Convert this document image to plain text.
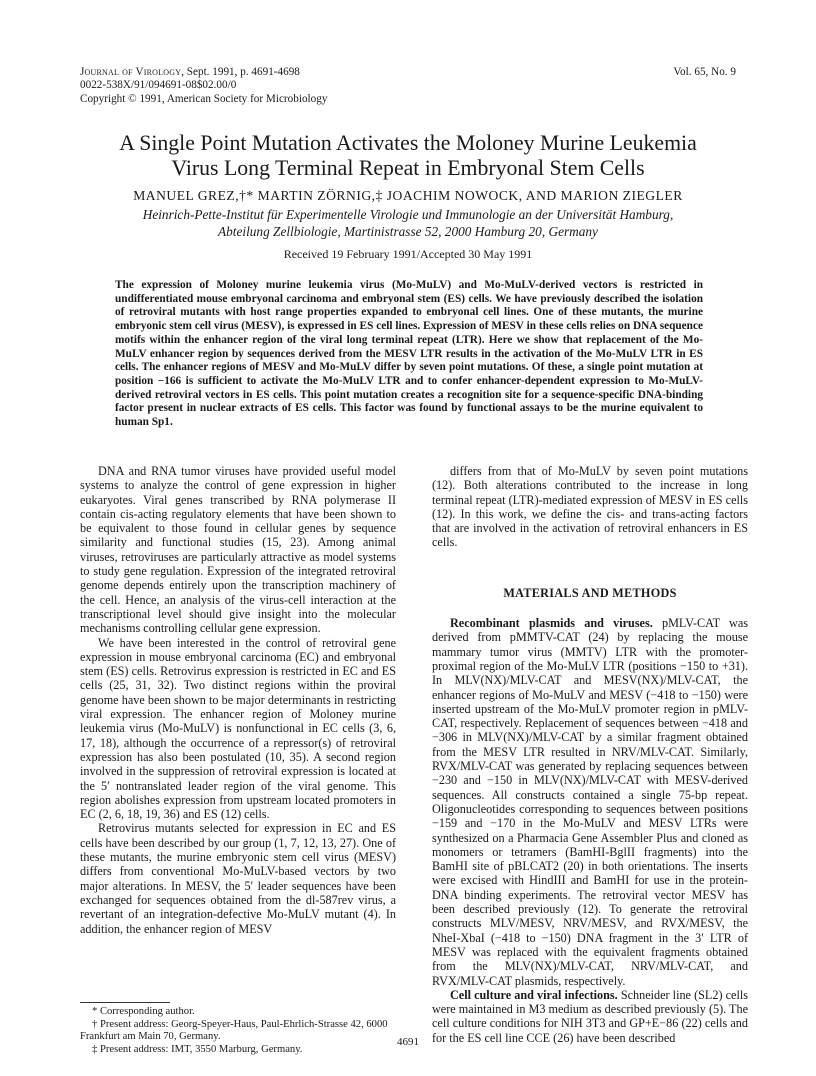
Journal of Virology, Sept. 1991, p. 4691-4698
0022-538X/91/094691-08$02.00/0
Copyright © 1991, American Society for Microbiology
Vol. 65, No. 9
A Single Point Mutation Activates the Moloney Murine Leukemia
Virus Long Terminal Repeat in Embryonal Stem Cells
MANUEL GREZ,†* MARTIN ZÖRNIG,‡ JOACHIM NOWOCK, AND MARION ZIEGLER
Heinrich-Pette-Institut für Experimentelle Virologie und Immunologie an der Universität Hamburg,
Abteilung Zellbiologie, Martinistrasse 52, 2000 Hamburg 20, Germany
Received 19 February 1991/Accepted 30 May 1991
The expression of Moloney murine leukemia virus (Mo-MuLV) and Mo-MuLV-derived vectors is restricted in undifferentiated mouse embryonal carcinoma and embryonal stem (ES) cells. We have previously described the isolation of retroviral mutants with host range properties expanded to embryonal cell lines. One of these mutants, the murine embryonic stem cell virus (MESV), is expressed in ES cell lines. Expression of MESV in these cells relies on DNA sequence motifs within the enhancer region of the viral long terminal repeat (LTR). Here we show that replacement of the Mo-MuLV enhancer region by sequences derived from the MESV LTR results in the activation of the Mo-MuLV LTR in ES cells. The enhancer regions of MESV and Mo-MuLV differ by seven point mutations. Of these, a single point mutation at position −166 is sufficient to activate the Mo-MuLV LTR and to confer enhancer-dependent expression to Mo-MuLV-derived retroviral vectors in ES cells. This point mutation creates a recognition site for a sequence-specific DNA-binding factor present in nuclear extracts of ES cells. This factor was found by functional assays to be the murine equivalent to human Sp1.

DNA and RNA tumor viruses have provided useful model systems to analyze the control of gene expression in higher eukaryotes. Viral genes transcribed by RNA polymerase II contain cis-acting regulatory elements that have been shown to be equivalent to those found in cellular genes by sequence similarity and functional studies (15, 23). Among animal viruses, retroviruses are particularly attractive as model systems to study gene regulation. Expression of the integrated retroviral genome depends entirely upon the transcription machinery of the cell. Hence, an analysis of the virus-cell interaction at the transcriptional level should give insight into the molecular mechanisms controlling cellular gene expression.

We have been interested in the control of retroviral gene expression in mouse embryonal carcinoma (EC) and embryonal stem (ES) cells. Retrovirus expression is restricted in EC and ES cells (25, 31, 32). Two distinct regions within the proviral genome have been shown to be major determinants in restricting viral expression. The enhancer region of Moloney murine leukemia virus (Mo-MuLV) is nonfunctional in EC cells (3, 6, 17, 18), although the occurrence of a repressor(s) of retroviral expression has also been postulated (10, 35). A second region involved in the suppression of retroviral expression is located at the 5′ nontranslated leader region of the viral genome. This region abolishes expression from upstream located promoters in EC (2, 6, 18, 19, 36) and ES (12) cells.

Retrovirus mutants selected for expression in EC and ES cells have been described by our group (1, 7, 12, 13, 27). One of these mutants, the murine embryonic stem cell virus (MESV) differs from conventional Mo-MuLV-based vectors by two major alterations. In MESV, the 5′ leader sequences have been exchanged for sequences obtained from the dl-587rev virus, a revertant of an integration-defective Mo-MuLV mutant (4). In addition, the enhancer region of MESV

differs from that of Mo-MuLV by seven point mutations (12). Both alterations contributed to the increase in long terminal repeat (LTR)-mediated expression of MESV in ES cells (12). In this work, we define the cis- and trans-acting factors that are involved in the activation of retroviral enhancers in ES cells.

MATERIALS AND METHODS

Recombinant plasmids and viruses. pMLV-CAT was derived from pMMTV-CAT (24) by replacing the mouse mammary tumor virus (MMTV) LTR with the promoter-proximal region of the Mo-MuLV LTR (positions −150 to +31). In MLV(NX)/MLV-CAT and MESV(NX)/MLV-CAT, the enhancer regions of Mo-MuLV and MESV (−418 to −150) were inserted upstream of the Mo-MuLV promoter region in pMLV-CAT, respectively. Replacement of sequences between −418 and −306 in MLV(NX)/MLV-CAT by a similar fragment obtained from the MESV LTR resulted in NRV/MLV-CAT. Similarly, RVX/MLV-CAT was generated by replacing sequences between −230 and −150 in MLV(NX)/MLV-CAT with MESV-derived sequences. All constructs contained a single 75-bp repeat. Oligonucleotides corresponding to sequences between positions −159 and −170 in the Mo-MuLV and MESV LTRs were synthesized on a Pharmacia Gene Assembler Plus and cloned as monomers or tetramers (BamHI-BglII fragments) into the BamHI site of pBLCAT2 (20) in both orientations. The inserts were excised with HindIII and BamHI for use in the protein-DNA binding experiments. The retroviral vector MESV has been described previously (12). To generate the retroviral constructs MLV/MESV, NRV/MESV, and RVX/MESV, the NheI-XbaI (−418 to −150) DNA fragment in the 3′ LTR of MESV was replaced with the equivalent fragments obtained from the MLV(NX)/MLV-CAT, NRV/MLV-CAT, and RVX/MLV-CAT plasmids, respectively.

Cell culture and viral infections. Schneider line (SL2) cells were maintained in M3 medium as described previously (5). The cell culture conditions for NIH 3T3 and GP+E−86 (22) cells and for the ES cell line CCE (26) have been described

* Corresponding author.
† Present address: Georg-Speyer-Haus, Paul-Ehrlich-Strasse 42, 6000 Frankfurt am Main 70, Germany.
‡ Present address: IMT, 3550 Marburg, Germany.
4691
